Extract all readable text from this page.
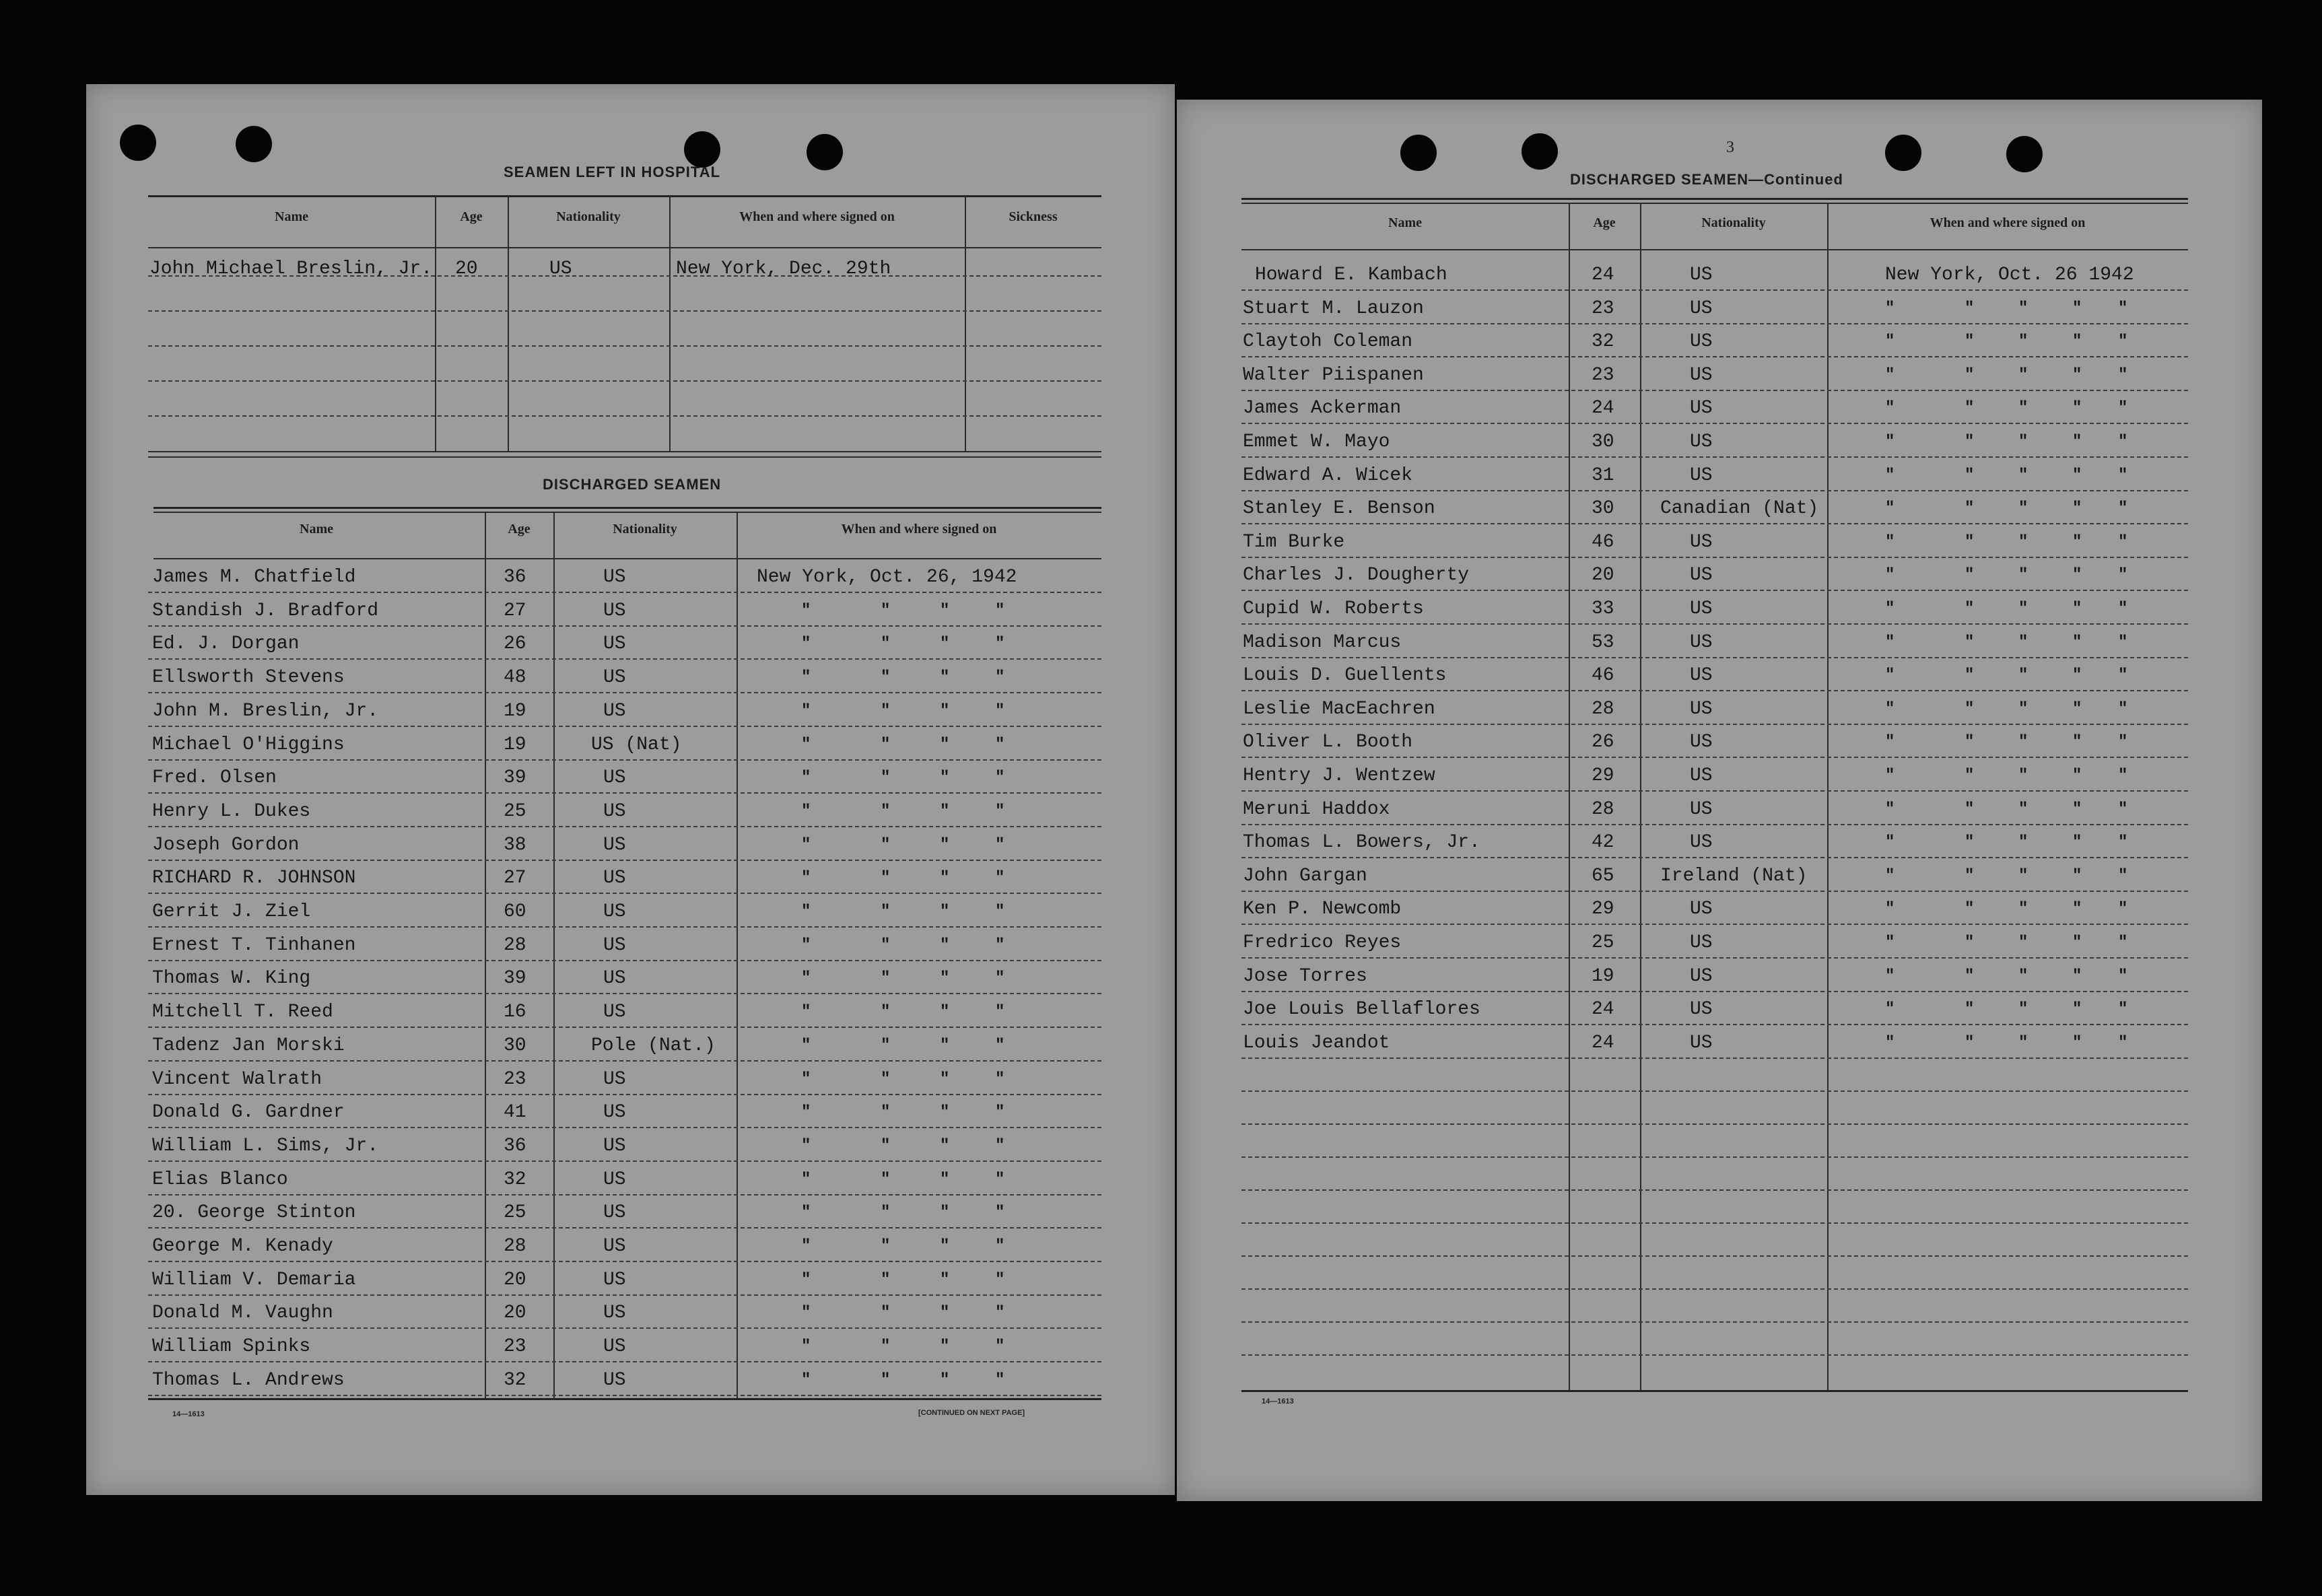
SEAMEN LEFT IN HOSPITAL
Name	Age	Nationality	When and where signed on	Sickness
John Michael Breslin, Jr. 20	US	New York, Dec. 29th
DISCHARGED SEAMEN
Name	Age	Nationality	When and where signed on
James M. Chatfield	36	US	New York, Oct. 26, 1942
Standish J. Bradford	27	US	"	"	"	"
Ed. J. Dorgan	26	US	"	"	"	"
Ellsworth Stevens	48	US	"	"	"	"
John M. Breslin, Jr.	19	US	"	"	"	"
Michael O'Higgins	19	US (Nat)	"	"	"	"
Fred. Olsen	39	US	"	"	"	"
Henry L. Dukes	25	US	"	"	"	"
Joseph Gordon	38	US	"	"	"	"
RICHARD R. JOHNSON	27	US	"	"	"	"
Gerrit J. Ziel	60	US	"	"	"	"
Ernest T. Tinhanen	28	US	"	"	"	"
Thomas W. King	39	US	"	"	"	"
Mitchell T. Reed	16	US	"	"	"	"
Tadenz Jan Morski	30	Pole (Nat.)	"	"	"	"
Vincent Walrath	23	US	"	"	"	"
Donald G. Gardner	41	US	"	"	"	"
William L. Sims, Jr.	36	US	"	"	"	"
Elias Blanco	32	US	"	"	"	"
20. George Stinton	25	US	"	"	"	"
George M. Kenady	28	US	"	"	"	"
William V. Demaria	20	US	"	"	"	"
Donald M. Vaughn	20	US	"	"	"	"
William Spinks	23	US	"	"	"	"
Thomas L. Andrews	32	US	"	"	"	"
14—1613	[CONTINUED ON NEXT PAGE]
3
DISCHARGED SEAMEN—Continued
Name	Age	Nationality	When and where signed on
Howard E. Kambach	24	US	New York, Oct. 26 1942
Stuart M. Lauzon	23	US	"	"	"	" "
Claytoh Coleman	32	US	"	"	"	" "
Walter Piispanen	23	US	"	"	"	" "
James Ackerman	24	US	"	"	"	" "
Emmet W. Mayo	30	US	"	"	"	" "
Edward A. Wicek	31	US	"	"	"	" "
Stanley E. Benson	30 Canadian (Nat)	"	"	"	" "
Tim Burke	46	US	"	"	"	" "
Charles J. Dougherty	20	US	"	"	"	" "
Cupid W. Roberts	33	US	"	"	"	" "
Madison Marcus	53	US	"	"	"	" "
Louis D. Guellents	46	US	"	"	"	" "
Leslie MacEachren	28	US	"	"	"	" "
Oliver L. Booth	26	US	"	"	"	" "
Hentry J. Wentzew	29	US	"	"	"	" "
Meruni Haddox	28	US	"	"	"	" "
Thomas L. Bowers, Jr.	42	US	"	"	"	" "
John Gargan	65 Ireland (Nat)	"	"	"	" "
Ken P. Newcomb	29	US	"	"	"	" "
Fredrico Reyes	25	US	"	"	"	" "
Jose Torres	19	US	"	"	"	" "
Joe Louis Bellaflores	24	US	"	"	"	" "
Louis Jeandot	24	US	"	"	"	" "
14—1613
